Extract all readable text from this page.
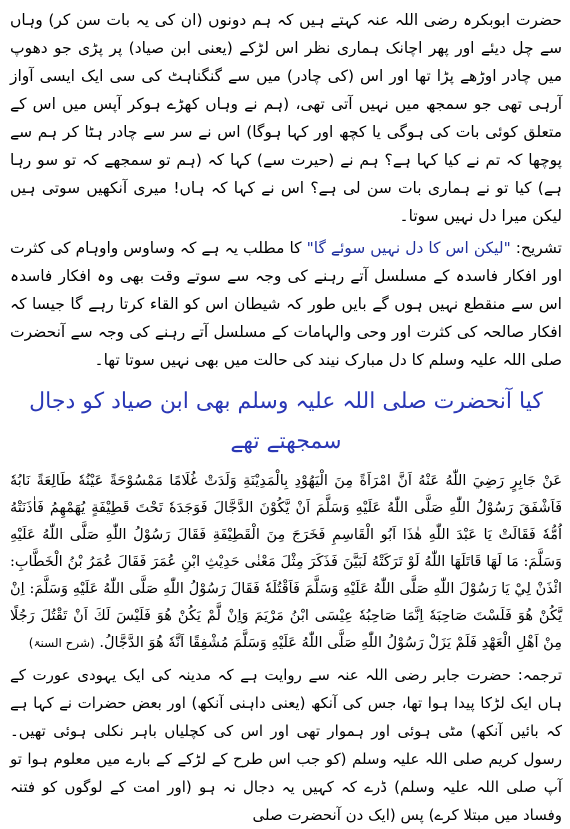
حضرت ابوبکرہ رضی اللہ عنہ کہتے ہیں کہ ہم دونوں (ان کی یہ بات سن کر) وہاں سے چل دیئے اور پھر اچانک ہماری نظر اس لڑکے (یعنی ابن صیاد) پر پڑی جو دھوپ میں چادر اوڑھے پڑا تھا اور اس (کی چادر) میں سے گنگناہٹ کی سی ایک ایسی آواز آرہی تھی جو سمجھ میں نہیں آتی تھی، (ہم نے وہاں کھڑے ہوکر آپس میں اس کے متعلق کوئی بات کی ہوگی یا کچھ اور کہا ہوگا) اس نے سر سے چادر ہٹا کر ہم سے پوچھا کہ تم نے کیا کہا ہے؟ ہم نے (حیرت سے) کہا کہ (ہم تو سمجھے کہ تو سو رہا ہے) کیا تو نے ہماری بات سن لی ہے؟ اس نے کہا کہ ہاں! میری آنکھیں سوتی ہیں لیکن میرا دل نہیں سوتا۔

تشریح: "لیکن اس کا دل نہیں سوئے گا" کا مطلب یہ ہے کہ وساوس واوہام کی کثرت اور افکار فاسدہ کے مسلسل آتے رہنے کی وجہ سے سوتے وقت بھی وہ افکار فاسدہ اس سے منقطع نہیں ہوں گے بایں طور کہ شیطان اس کو القاء کرتا رہے گا جیسا کہ افکار صالحہ کی کثرت اور وحی والہامات کے مسلسل آتے رہنے کی وجہ سے آنحضرت صلی اللہ علیہ وسلم کا دل مبارک نیند کی حالت میں بھی نہیں سوتا تھا۔

کیا آنحضرت صلی اللہ علیہ وسلم بھی ابن صیاد کو دجال سمجھتے تھے

عَنْ جَابِرٍ رَضِيَ اللّٰهُ عَنْهُ اَنَّ امْرَاَةً مِنَ الْيَهُوْدِ بِالْمَدِيْنَةِ وَلَدَتْ غُلَامًا مَمْسُوْحَةً عَيْنُهٗ طَالِعَةً نَابُهٗ فَاَشْفَقَ رَسُوْلُ اللّٰهِ صَلَّى اللّٰهُ عَلَيْهِ وَسَلَّمَ اَنْ يَّكُوْنَ الدَّجَّالَ فَوَجَدَهٗ تَحْتَ قَطِيْفَةٍ يُهَمْهِمُ فَاٰذَنَتْهُ اُمُّهٗ فَقَالَتْ يَا عَبْدَ اللّٰهِ هٰذَا اَبُو الْقَاسِمِ فَخَرَجَ مِنَ الْقَطِيْفَةِ فَقَالَ رَسُوْلُ اللّٰهِ صَلَّى اللّٰهُ عَلَيْهِ وَسَلَّمَ: مَا لَهَا قَاتَلَهَا اللّٰهُ لَوْ تَرَكَتْهُ لَبَيَّنَ فَذَكَرَ مِثْلَ مَعْنٰى حَدِيْثِ ابْنِ عُمَرَ فَقَالَ عُمَرُ بْنُ الْخَطَّابِ: ائْذَنْ لِيْ يَا رَسُوْلَ اللّٰهِ صَلَّى اللّٰهُ عَلَيْهِ وَسَلَّمَ فَاَقْتُلَهٗ فَقَالَ رَسُوْلُ اللّٰهِ صَلَّى اللّٰهُ عَلَيْهِ وَسَلَّمَ: اِنْ يَّكُنْ هُوَ فَلَسْتَ صَاحِبَهٗ اِنَّمَا صَاحِبُهٗ عِيْسَى ابْنُ مَرْيَمَ وَاِنْ لَّمْ يَكُنْ هُوَ فَلَيْسَ لَكَ اَنْ تَقْتُلَ رَجُلًا مِنْ اَهْلِ الْعَهْدِ فَلَمْ يَزَلْ رَسُوْلُ اللّٰهِ صَلَّى اللّٰهُ عَلَيْهِ وَسَلَّمَ مُشْفِقًا اَنَّهٗ هُوَ الدَّجَّالُ. (شرح السنۃ)

ترجمہ: حضرت جابر رضی اللہ عنہ سے روایت ہے کہ مدینہ کی ایک یہودی عورت کے ہاں ایک لڑکا پیدا ہوا تھا، جس کی آنکھ (یعنی داہنی آنکھ) اور بعض حضرات نے کہا ہے کہ بائیں آنکھ) مٹی ہوئی اور ہموار تھی اور اس کی کچلیاں باہر نکلی ہوئی تھیں۔ رسول کریم صلی اللہ علیہ وسلم (کو جب اس طرح کے لڑکے کے بارے میں معلوم ہوا تو آپ صلی اللہ علیہ وسلم) ڈرے کہ کہیں یہ دجال نہ ہو (اور امت کے لوگوں کو فتنہ وفساد میں مبتلا کرے) پس (ایک دن آنحضرت صلی
